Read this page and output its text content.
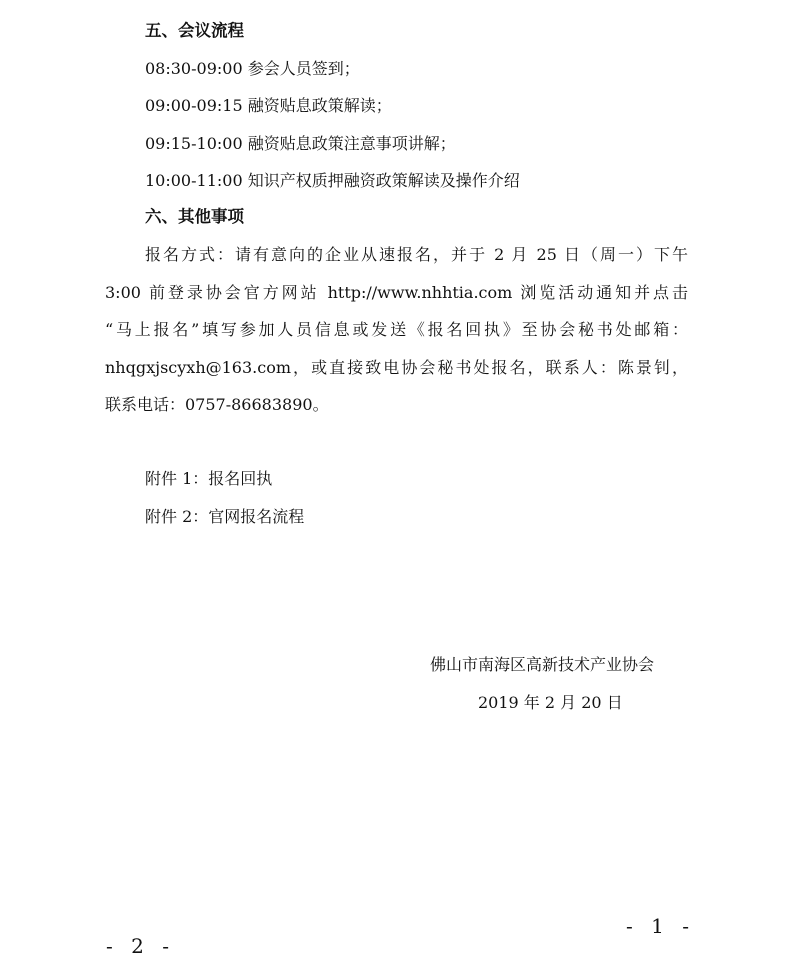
五、会议流程
08:30-09:00 参会人员签到；
09:00-09:15 融资贴息政策解读；
09:15-10:00 融资贴息政策注意事项讲解；
10:00-11:00 知识产权质押融资政策解读及操作介绍
六、其他事项
报名方式：请有意向的企业从速报名，并于 2 月 25 日（周一）下午
3:00 前登录协会官方网站 http://www.nhhtia.com 浏览活动通知并点击
“马上报名”填写参加人员信息或发送《报名回执》至协会秘书处邮箱：
nhqgxjscyxh@163.com，或直接致电协会秘书处报名，联系人：陈景钊，
联系电话：0757-86683890。
附件 1：报名回执
附件 2：官网报名流程
佛山市南海区高新技术产业协会
2019 年 2 月 20 日
- 1 -
- 2 -
